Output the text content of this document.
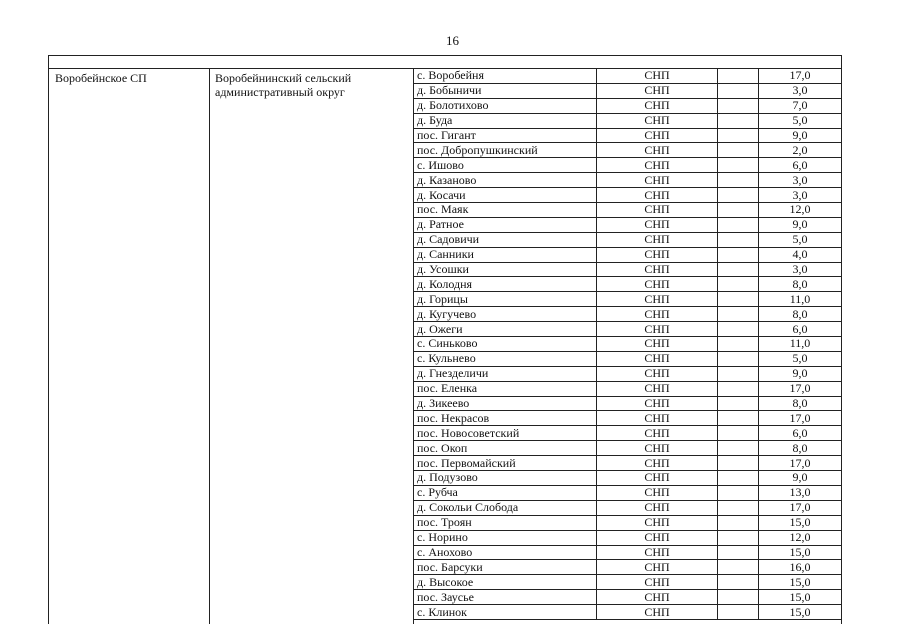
16
Воробейнское СП	Воробейнинский сельский
административный округ
с. Воробейня	СНП		17,0
д. Бобыничи	СНП		3,0
д. Болотихово	СНП		7,0
д. Буда	СНП		5,0
пос. Гигант	СНП		9,0
пос. Добропушкинский	СНП		2,0
с. Ишово	СНП		6,0
д. Казаново	СНП		3,0
д. Косачи	СНП		3,0
пос. Маяк	СНП		12,0
д. Ратное	СНП		9,0
д. Садовичи	СНП		5,0
д. Санники	СНП		4,0
д. Усошки	СНП		3,0
д. Колодня	СНП		8,0
д. Горицы	СНП		11,0
д. Кугучево	СНП		8,0
д. Ожеги	СНП		6,0
с. Синьково	СНП		11,0
с. Кульнево	СНП		5,0
д. Гнезделичи	СНП		9,0
пос. Еленка	СНП		17,0
д. Зикеево	СНП		8,0
пос. Некрасов	СНП		17,0
пос. Новосоветский	СНП		6,0
пос. Окоп	СНП		8,0
пос. Первомайский	СНП		17,0
д. Подузово	СНП		9,0
с. Рубча	СНП		13,0
д. Сокольи Слобода	СНП		17,0
пос. Троян	СНП		15,0
с. Норино	СНП		12,0
с. Анохово	СНП		15,0
пос. Барсуки	СНП		16,0
д. Высокое	СНП		15,0
пос. Заусье	СНП		15,0
с. Клинок	СНП		15,0
